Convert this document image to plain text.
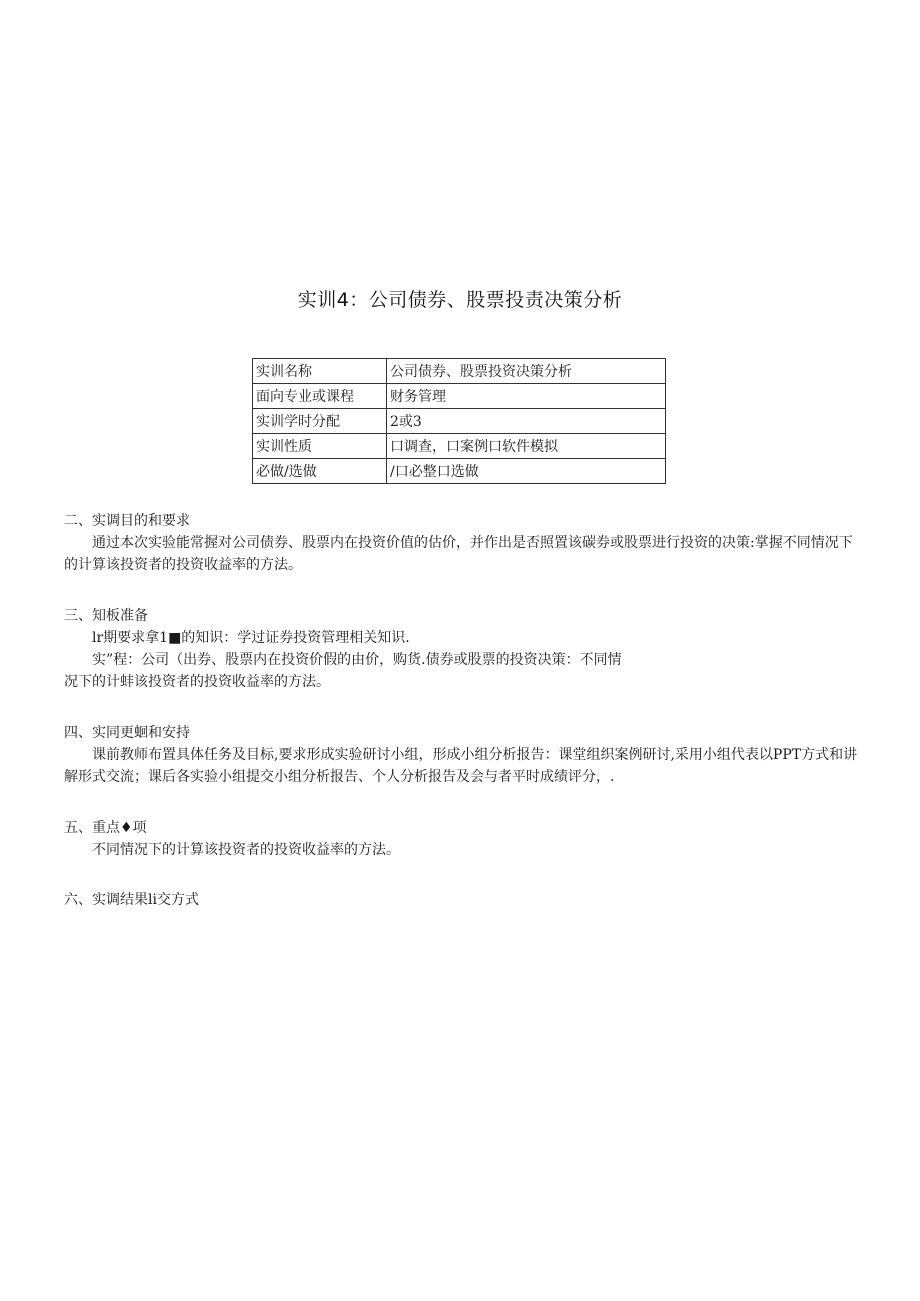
实训4：公司债券、股票投责决策分析
实训名称	公司债券、股票投资决策分析
面向专业或课程	财务管理
实训学时分配	2或3
实训性质	口调查，口案例口软件模拟
必做/选做	/口必整口选做
二、实调目的和要求
通过本次实验能常握对公司债券、股票内在投资价值的估价，并作出是否照置该碳券或股票进行投资的决策:掌握不同情况下的计算该投资者的投资收益率的方法。
三、知板准备
lr期要求拿1■的知识：学过证券投资管理相关知识.
实”程：公司（出券、股票内在投资价假的由价，购货.债券或股票的投资决策：不同情
况下的计蚌该投资者的投资收益率的方法。
四、实同更蛔和安持
课前教师布置具体任务及目标,要求形成实验研讨小组，形成小组分析报告：课堂组织案例研讨,采用小组代表以PPT方式和讲解形式交流；课后各实验小组提交小组分析报告、个人分析报告及会与者平时成绩评分，.
五、重点♦项
不同情况下的计算该投资者的投资收益率的方法。
六、实调结果li交方式
